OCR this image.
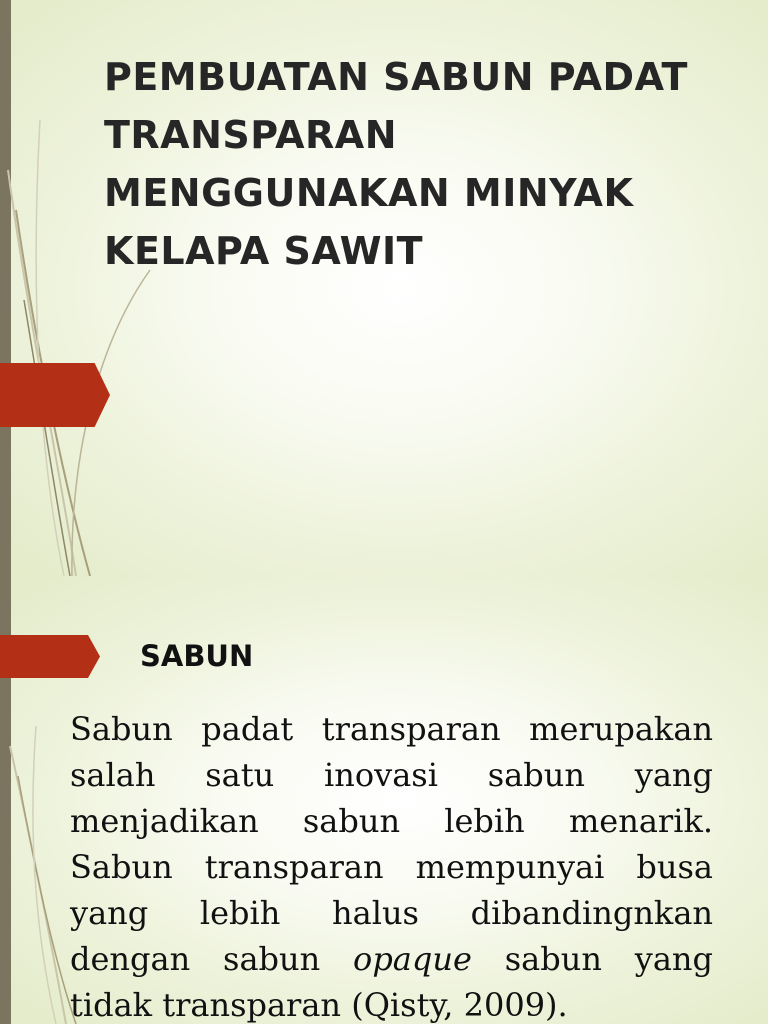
PEMBUATAN SABUN PADAT TRANSPARAN MENGGUNAKAN MINYAK KELAPA SAWIT
SABUN

Sabun padat transparan merupakan salah satu inovasi sabun yang menjadikan sabun lebih menarik. Sabun transparan mempunyai busa yang lebih halus dibandingnkan dengan sabun opaque sabun yang tidak transparan (Qisty, 2009).
